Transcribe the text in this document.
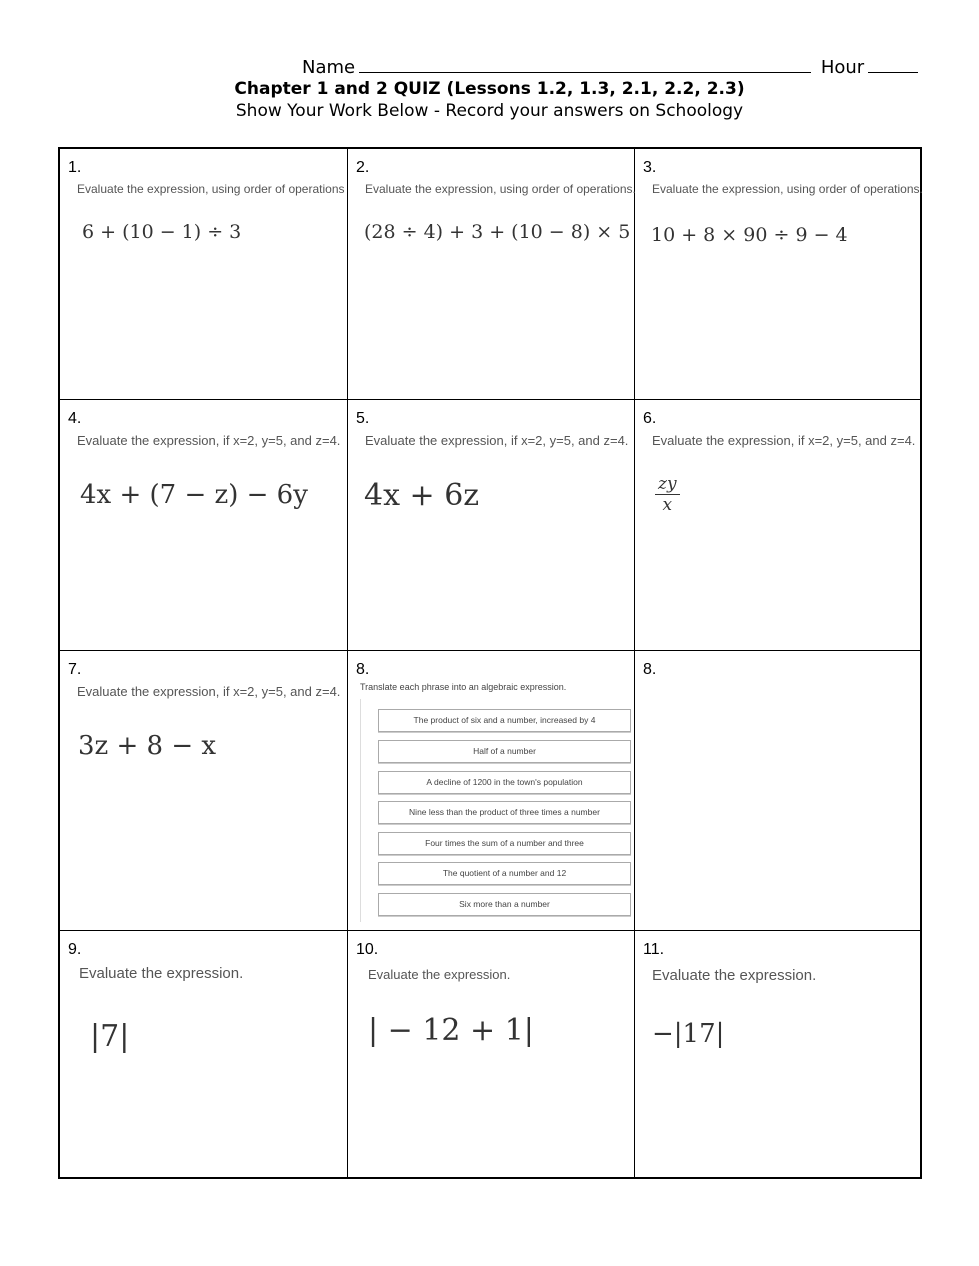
Name	Hour
Chapter 1 and 2 QUIZ (Lessons 1.2, 1.3, 2.1, 2.2, 2.3)
Show Your Work Below - Record your answers on Schoology
1.
Evaluate the expression, using order of operations
6 + (10 − 1) ÷ 3
2.
Evaluate the expression, using order of operations.
(28 ÷ 4) + 3 + (10 − 8) × 5
3.
Evaluate the expression, using order of operations.
10 + 8 × 90 ÷ 9 − 4
4.
Evaluate the expression, if x=2, y=5, and z=4.
4x + (7 − z) − 6y
5.
Evaluate the expression, if x=2, y=5, and z=4.
4x + 6z
6.
Evaluate the expression, if x=2, y=5, and z=4.
$\frac{zy}{x}$
7.
Evaluate the expression, if x=2, y=5, and z=4.
3z + 8 − x
8.
Translate each phrase into an algebraic expression.
The product of six and a number, increased by 4
Half of a number
A decline of 1200 in the town's population
Nine less than the product of three times a number
Four times the sum of a number and three
The quotient of a number and 12
Six more than a number
8.
9.
Evaluate the expression.
|7|
10.
Evaluate the expression.
| − 12 + 1|
11.
Evaluate the expression.
−|17|
